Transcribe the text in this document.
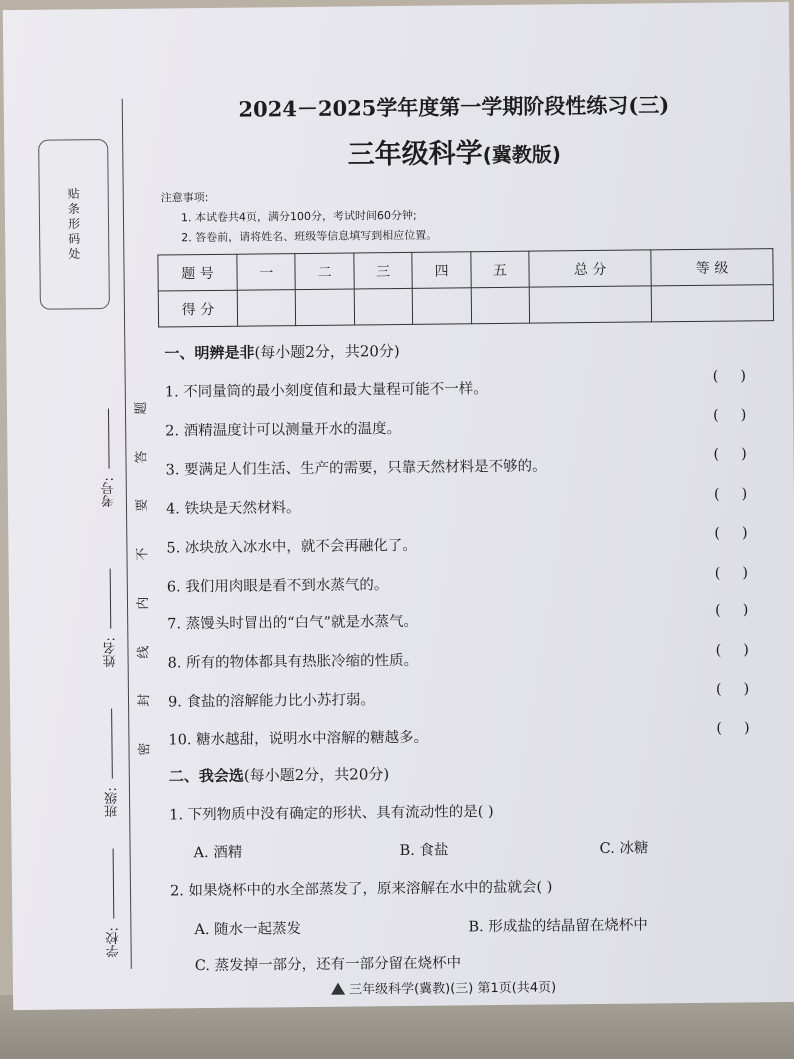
贴条形码处
考号:
姓名:
班级:
学校:
题
答
要
不
内
线
封
密
2024－2025学年度第一学期阶段性练习(三)
三年级科学(冀教版)
注意事项:
1. 本试卷共4页，满分100分，考试时间60分钟;
2. 答卷前，请将姓名、班级等信息填写到相应位置。
题 号	一	二	三	四	五	总 分	等 级
得 分							
一、明辨是非(每小题2分，共20分)
1. 不同量筒的最小刻度值和最大量程可能不一样。
()
2. 酒精温度计可以测量开水的温度。
()
3. 要满足人们生活、生产的需要，只靠天然材料是不够的。
()
4. 铁块是天然材料。
()
5. 冰块放入冰水中，就不会再融化了。
()
6. 我们用肉眼是看不到水蒸气的。
()
7. 蒸馒头时冒出的“白气”就是水蒸气。
()
8. 所有的物体都具有热胀冷缩的性质。
()
9. 食盐的溶解能力比小苏打弱。
()
10. 糖水越甜，说明水中溶解的糖越多。
()
二、我会选(每小题2分，共20分)
1. 下列物质中没有确定的形状、具有流动性的是( )
A. 酒精	B. 食盐	C. 冰糖
2. 如果烧杯中的水全部蒸发了，原来溶解在水中的盐就会( )
A. 随水一起蒸发	B. 形成盐的结晶留在烧杯中
C. 蒸发掉一部分，还有一部分留在烧杯中
三年级科学(冀教)(三) 第1页(共4页)
